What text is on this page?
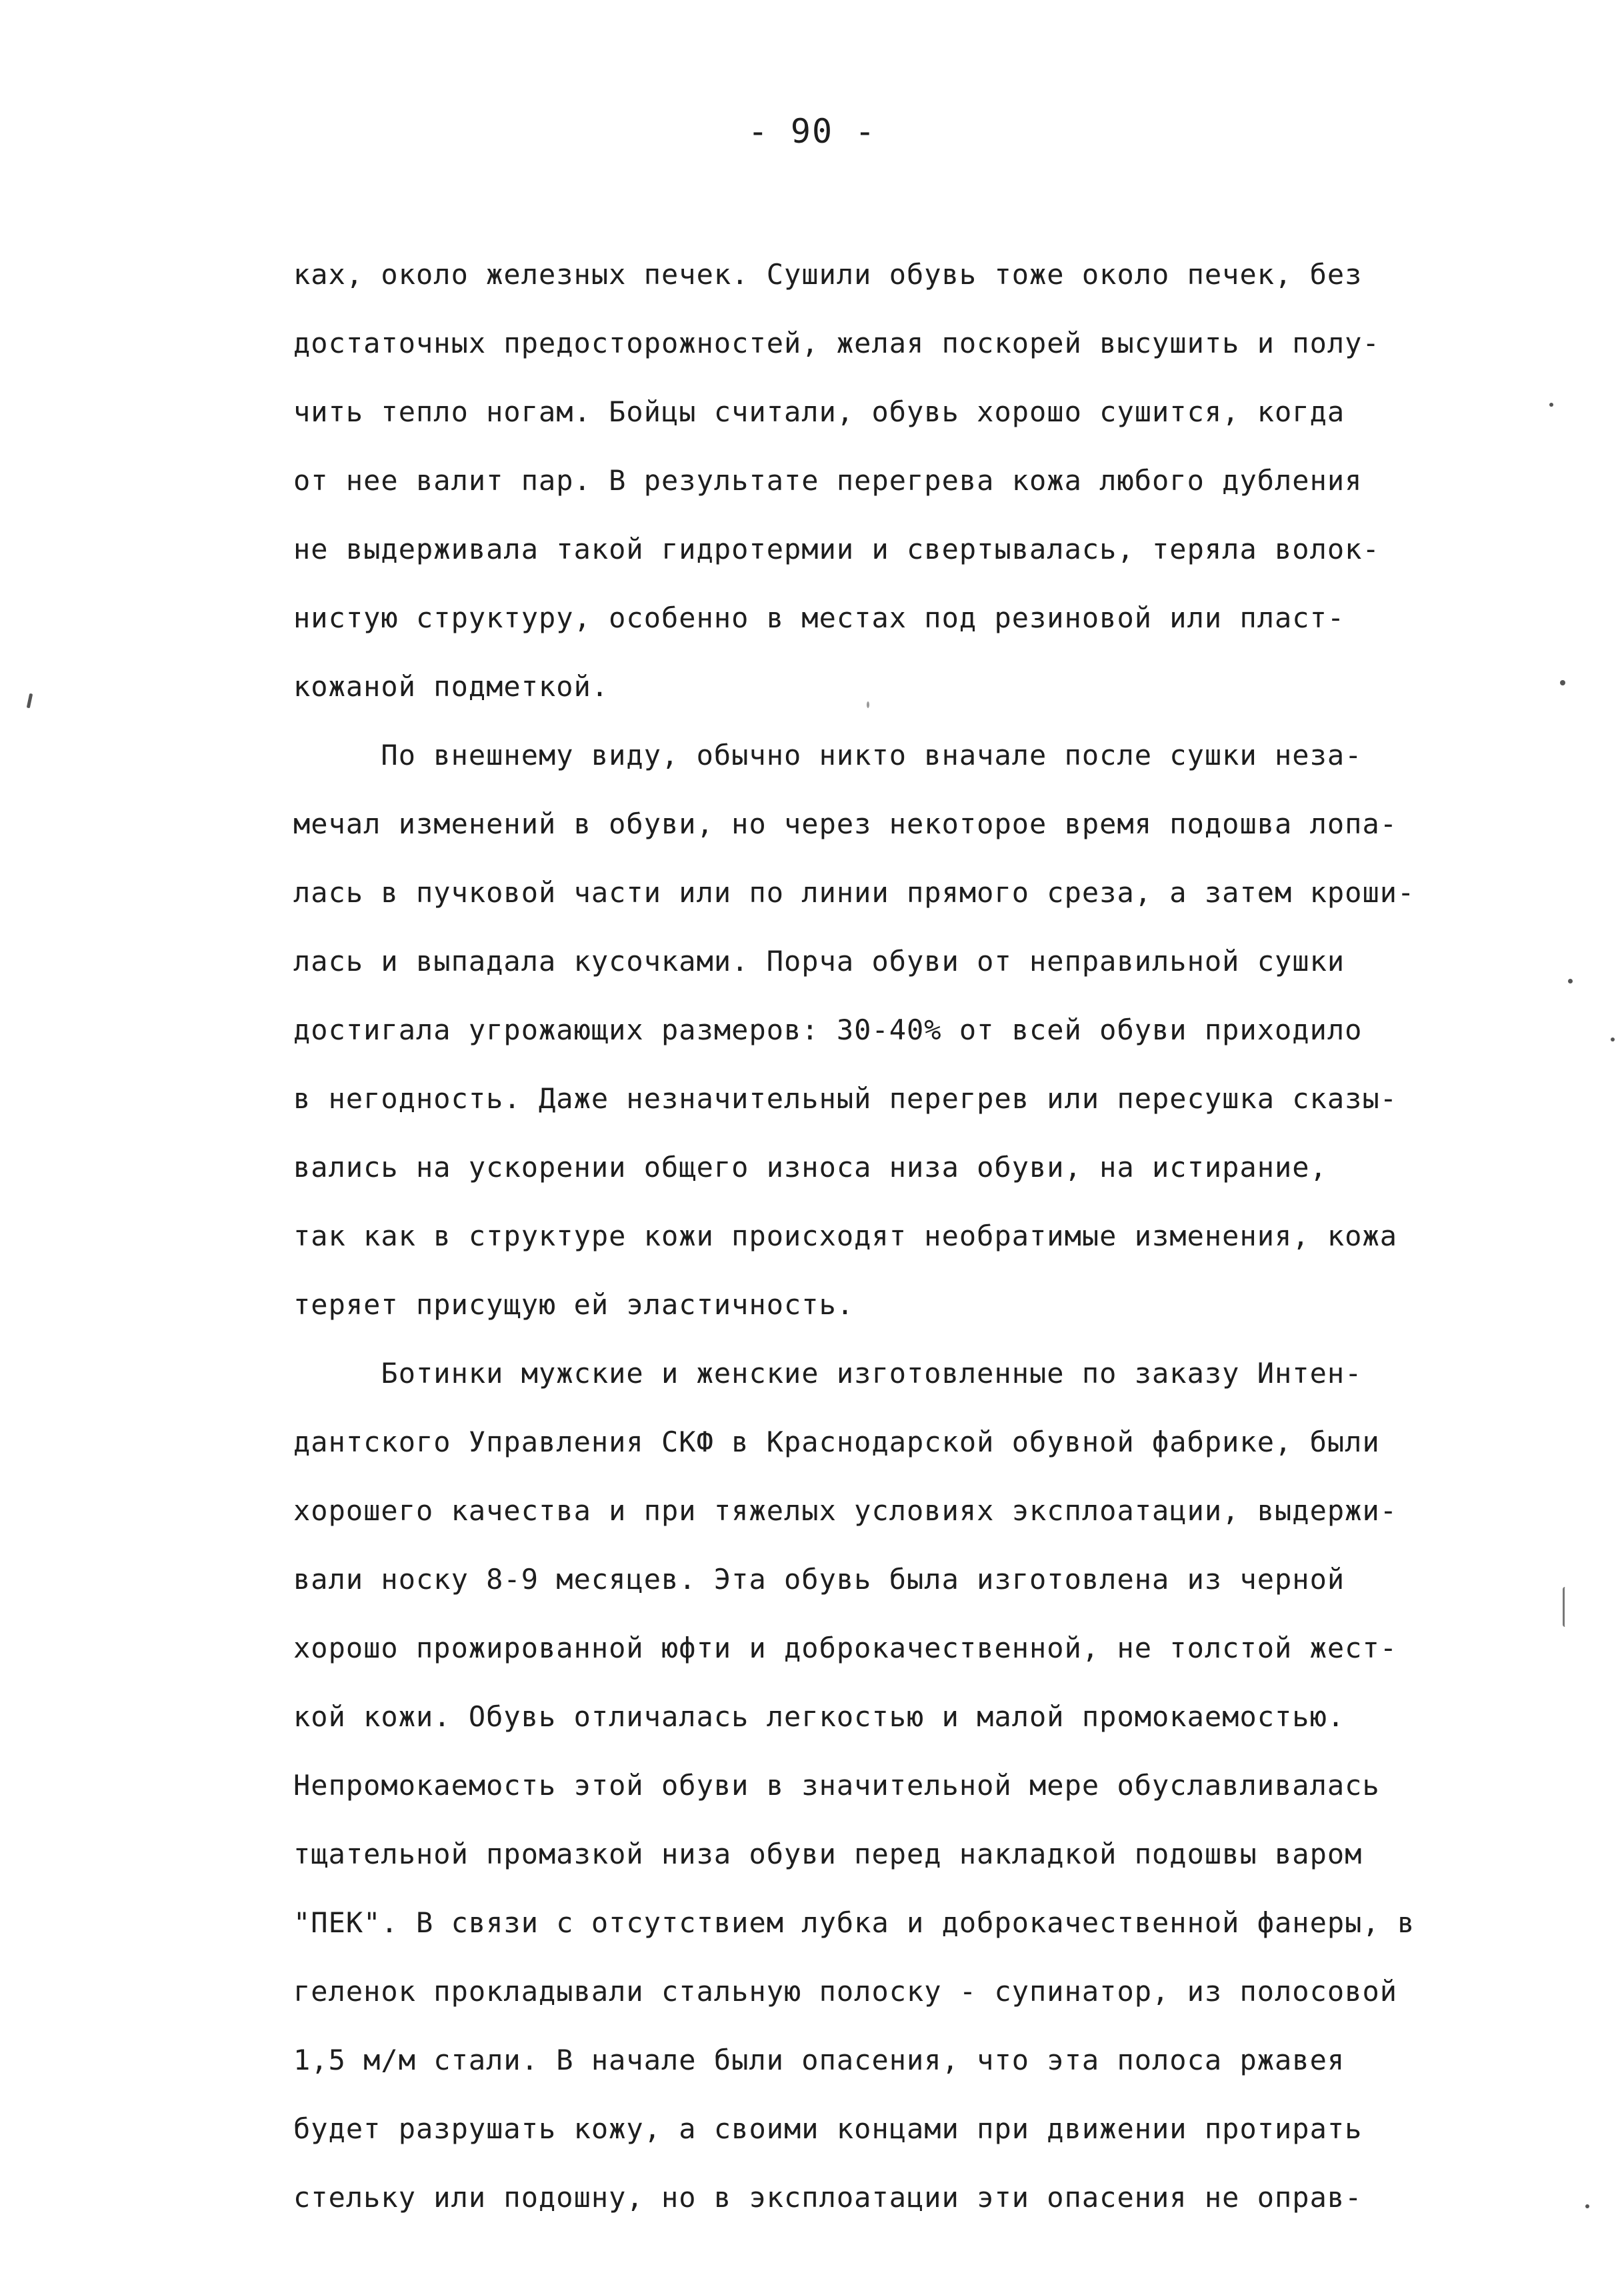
- 90 -
ках, около железных печек. Сушили обувь тоже около печек, без
достаточных предосторожностей, желая поскорей высушить и полу-
чить тепло ногам. Бойцы считали, обувь хорошо сушится, когда
от нее валит пар. В результате перегрева кожа любого дубления
не выдерживала такой гидротермии и свертывалась, теряла волок-
нистую структуру, особенно в местах под резиновой или пласт-
кожаной подметкой.
По внешнему виду, обычно никто вначале после сушки неза-
мечал изменений в обуви, но через некоторое время подошва лопа-
лась в пучковой части или по линии прямого среза, а затем кроши-
лась и выпадала кусочками. Порча обуви от неправильной сушки
достигала угрожающих размеров: 30-40% от всей обуви приходило
в негодность. Даже незначительный перегрев или пересушка сказы-
вались на ускорении общего износа низа обуви, на истирание,
так как в структуре кожи происходят необратимые изменения, кожа
теряет присущую ей эластичность.
Ботинки мужские и женские изготовленные по заказу Интен-
дантского Управления СКФ в Краснодарской обувной фабрике, были
хорошего качества и при тяжелых условиях эксплоатации, выдержи-
вали носку 8-9 месяцев. Эта обувь была изготовлена из черной
хорошо прожированной юфти и доброкачественной, не толстой жест-
кой кожи. Обувь отличалась легкостью и малой промокаемостью.
Непромокаемость этой обуви в значительной мере обуславливалась
тщательной промазкой низа обуви перед накладкой подошвы варом
"ПЕК". В связи с отсутствием лубка и доброкачественной фанеры, в
геленок прокладывали стальную полоску - супинатор, из полосовой
1,5 м/м стали. В начале были опасения, что эта полоса ржавея
будет разрушать кожу, а своими концами при движении протирать
стельку или подошну, но в эксплоатации эти опасения не оправ-
